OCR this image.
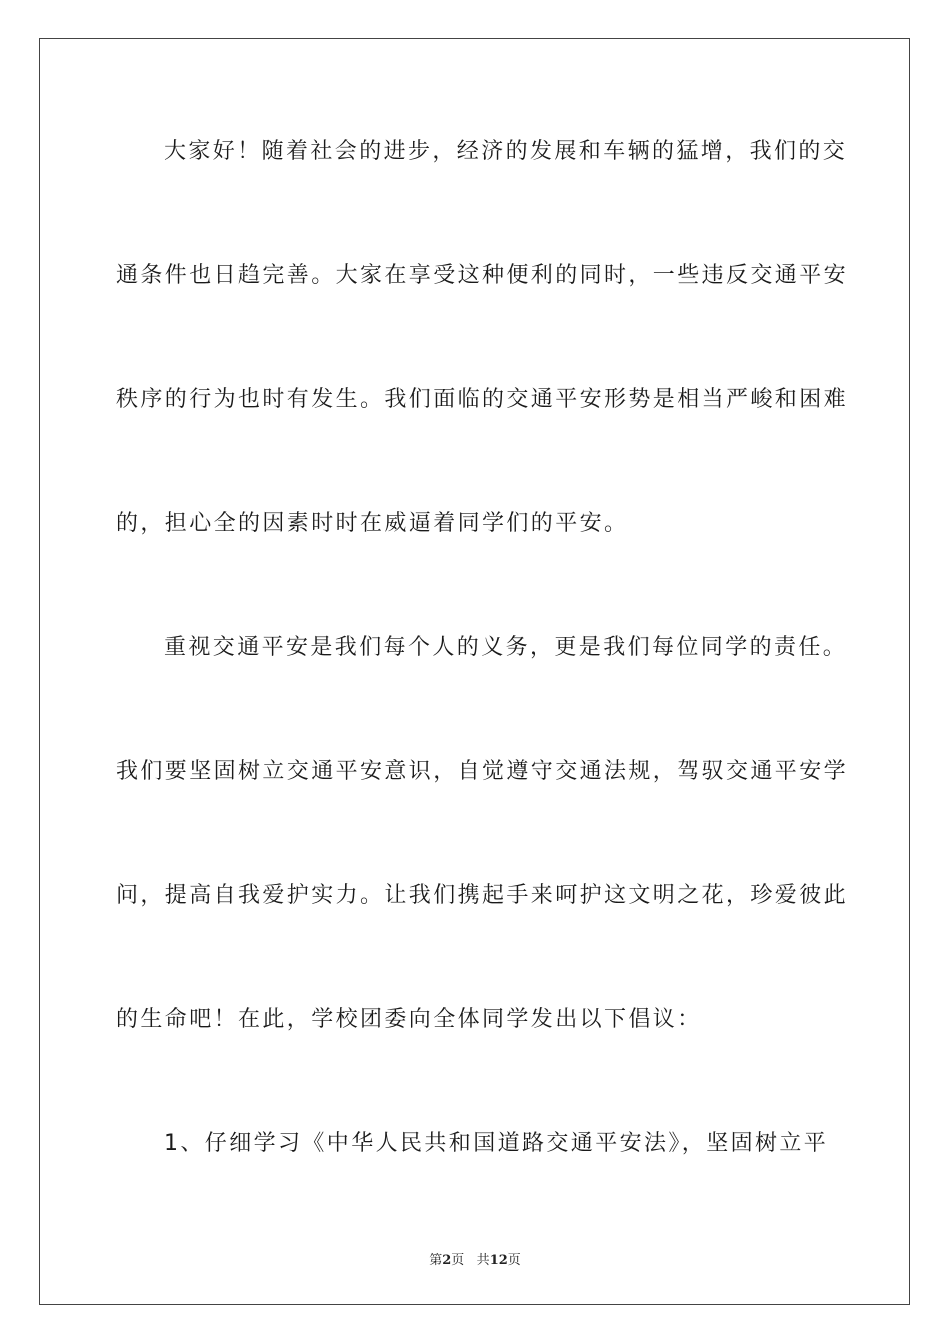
大家好！随着社会的进步，经济的发展和车辆的猛增，我们的交
通条件也日趋完善。大家在享受这种便利的同时，一些违反交通平安
秩序的行为也时有发生。我们面临的交通平安形势是相当严峻和困难
的，担心全的因素时时在威逼着同学们的平安。
重视交通平安是我们每个人的义务，更是我们每位同学的责任。
我们要坚固树立交通平安意识，自觉遵守交通法规，驾驭交通平安学
问，提高自我爱护实力。让我们携起手来呵护这文明之花，珍爱彼此
的生命吧！在此，学校团委向全体同学发出以下倡议：
1、仔细学习《中华人民共和国道路交通平安法》，坚固树立平
第2页 共12页
